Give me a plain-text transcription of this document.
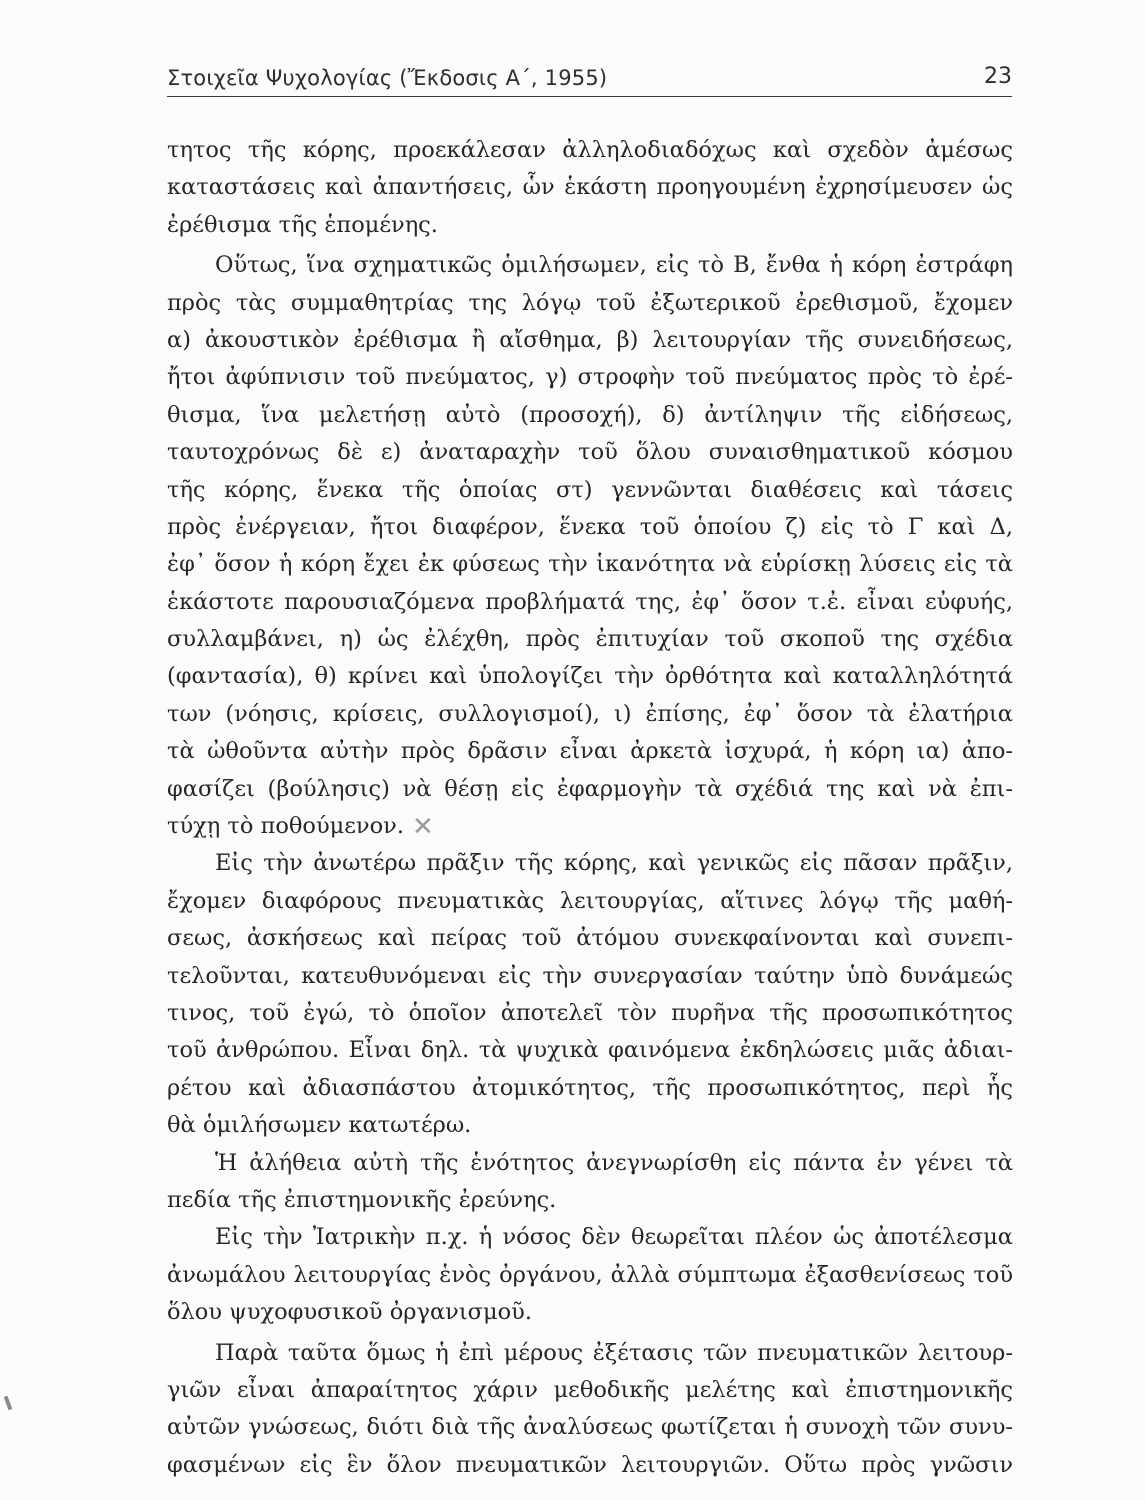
Στοιχεῖα Ψυχολογίας (Ἔκδοσις Α΄, 1955)	23
τητος τῆς κόρης, προεκάλεσαν ἀλληλοδιαδόχως καὶ σχεδὸν ἀμέσως
καταστάσεις καὶ ἀπαντήσεις, ὧν ἑκάστη προηγουμένη ἐχρησίμευσεν ὡς
ἐρέθισμα τῆς ἑπομένης.
Οὕτως, ἵνα σχηματικῶς ὁμιλήσωμεν, εἰς τὸ Β, ἔνθα ἡ κόρη ἐστράφη
πρὸς τὰς συμμαθητρίας της λόγῳ τοῦ ἐξωτερικοῦ ἐρεθισμοῦ, ἔχομεν
α) ἀκουστικὸν ἐρέθισμα ἢ αἴσθημα, β) λειτουργίαν τῆς συνειδήσεως,
ἤτοι ἀφύπνισιν τοῦ πνεύματος, γ) στροφὴν τοῦ πνεύματος πρὸς τὸ ἐρέ-
θισμα, ἵνα μελετήσῃ αὐτὸ (προσοχή), δ) ἀντίληψιν τῆς εἰδήσεως,
ταυτοχρόνως δὲ ε) ἀναταραχὴν τοῦ ὅλου συναισθηματικοῦ κόσμου
τῆς κόρης, ἕνεκα τῆς ὁποίας στ) γεννῶνται διαθέσεις καὶ τάσεις
πρὸς ἐνέργειαν, ἤτοι διαφέρον, ἕνεκα τοῦ ὁποίου ζ) εἰς τὸ Γ καὶ Δ,
ἐφ᾽ ὅσον ἡ κόρη ἔχει ἐκ φύσεως τὴν ἱκανότητα νὰ εὑρίσκῃ λύσεις εἰς τὰ
ἑκάστοτε παρουσιαζόμενα προβλήματά της, ἐφ᾽ ὅσον τ.ἐ. εἶναι εὐφυής,
συλλαμβάνει, η) ὡς ἐλέχθη, πρὸς ἐπιτυχίαν τοῦ σκοποῦ της σχέδια
(φαντασία), θ) κρίνει καὶ ὑπολογίζει τὴν ὀρθότητα καὶ καταλληλότητά
των (νόησις, κρίσεις, συλλογισμοί), ι) ἐπίσης, ἐφ᾽ ὅσον τὰ ἐλατήρια
τὰ ὠθοῦντα αὐτὴν πρὸς δρᾶσιν εἶναι ἀρκετὰ ἰσχυρά, ἡ κόρη ια) ἀπο-
φασίζει (βούλησις) νὰ θέσῃ εἰς ἐφαρμογὴν τὰ σχέδιά της καὶ νὰ ἐπι-
τύχῃ τὸ ποθούμενον. ✕
Εἰς τὴν ἀνωτέρω πρᾶξιν τῆς κόρης, καὶ γενικῶς εἰς πᾶσαν πρᾶξιν,
ἔχομεν διαφόρους πνευματικὰς λειτουργίας, αἵτινες λόγῳ τῆς μαθή-
σεως, ἀσκήσεως καὶ πείρας τοῦ ἀτόμου συνεκφαίνονται καὶ συνεπι-
τελοῦνται, κατευθυνόμεναι εἰς τὴν συνεργασίαν ταύτην ὑπὸ δυνάμεώς
τινος, τοῦ ἐγώ, τὸ ὁποῖον ἀποτελεῖ τὸν πυρῆνα τῆς προσωπικότητος
τοῦ ἀνθρώπου. Εἶναι δηλ. τὰ ψυχικὰ φαινόμενα ἐκδηλώσεις μιᾶς ἀδιαι-
ρέτου καὶ ἀδιασπάστου ἀτομικότητος, τῆς προσωπικότητος, περὶ ἧς
θὰ ὁμιλήσωμεν κατωτέρω.
Ἡ ἀλήθεια αὐτὴ τῆς ἑνότητος ἀνεγνωρίσθη εἰς πάντα ἐν γένει τὰ
πεδία τῆς ἐπιστημονικῆς ἐρεύνης.
Εἰς τὴν Ἰατρικὴν π.χ. ἡ νόσος δὲν θεωρεῖται πλέον ὡς ἀποτέλεσμα
ἀνωμάλου λειτουργίας ἑνὸς ὀργάνου, ἀλλὰ σύμπτωμα ἐξασθενίσεως τοῦ
ὅλου ψυχοφυσικοῦ ὀργανισμοῦ.
Παρὰ ταῦτα ὅμως ἡ ἐπὶ μέρους ἐξέτασις τῶν πνευματικῶν λειτουρ-
γιῶν εἶναι ἀπαραίτητος χάριν μεθοδικῆς μελέτης καὶ ἐπιστημονικῆς
αὐτῶν γνώσεως, διότι διὰ τῆς ἀναλύσεως φωτίζεται ἡ συνοχὴ τῶν συνυ-
φασμένων εἰς ἓν ὅλον πνευματικῶν λειτουργιῶν. Οὕτω πρὸς γνῶσιν
